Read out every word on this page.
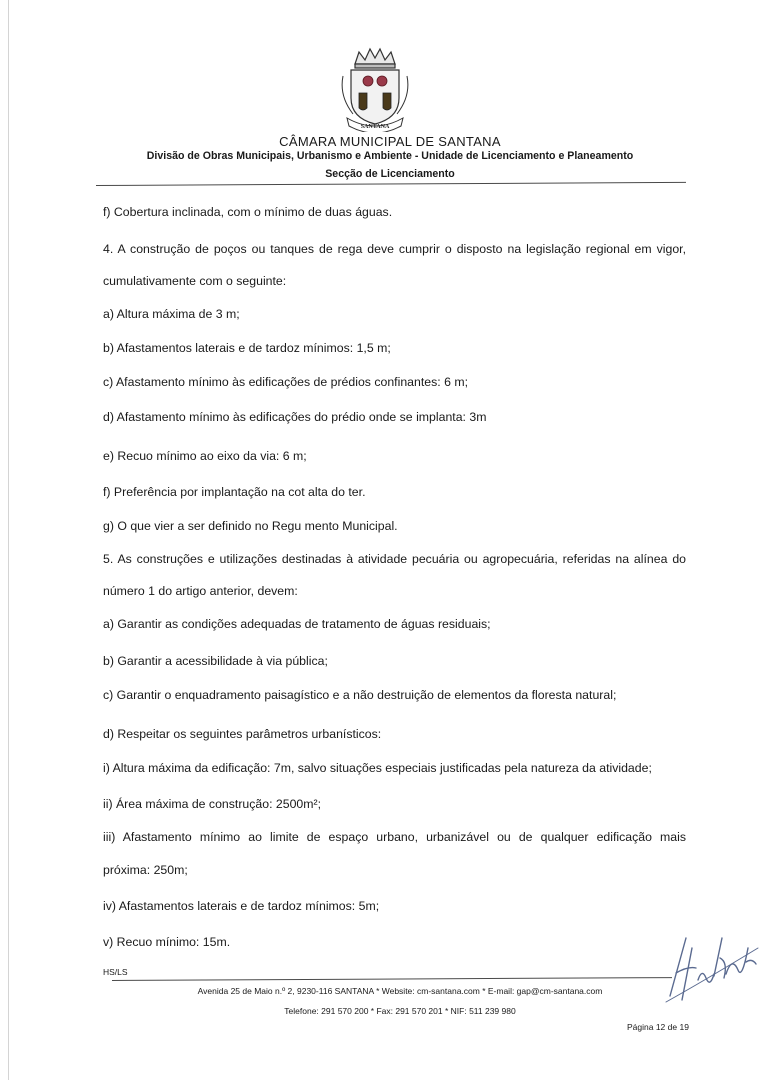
SANTANA
CÂMARA MUNICIPAL DE SANTANA
Divisão de Obras Municipais, Urbanismo e Ambiente - Unidade de Licenciamento e Planeamento
Secção de Licenciamento
f) Cobertura inclinada, com o mínimo de duas águas.
4. A construção de poços ou tanques de rega deve cumprir o disposto na legislação regional em vigor,
cumulativamente com o seguinte:
a) Altura máxima de 3 m;
b) Afastamentos laterais e de tardoz mínimos: 1,5 m;
c) Afastamento mínimo às edificações de prédios confinantes: 6 m;
d) Afastamento mínimo às edificações do prédio onde se implanta: 3m
e) Recuo mínimo ao eixo da via: 6 m;
f) Preferência por implantação na cot alta do ter.
g) O que vier a ser definido no Regu mento Municipal.
5. As construções e utilizações destinadas à atividade pecuária ou agropecuária, referidas na alínea do
número 1 do artigo anterior, devem:
a) Garantir as condições adequadas de tratamento de águas residuais;
b) Garantir a acessibilidade à via pública;
c) Garantir o enquadramento paisagístico e a não destruição de elementos da floresta natural;
d) Respeitar os seguintes parâmetros urbanísticos:
i) Altura máxima da edificação: 7m, salvo situações especiais justificadas pela natureza da atividade;
ii) Área máxima de construção: 2500m²;
iii) Afastamento mínimo ao limite de espaço urbano, urbanizável ou de qualquer edificação mais
próxima: 250m;
iv) Afastamentos laterais e de tardoz mínimos: 5m;
v) Recuo mínimo: 15m.
HS/LS
Avenida 25 de Maio n.º 2, 9230-116 SANTANA * Website: cm-santana.com * E-mail: gap@cm-santana.com
Telefone: 291 570 200 * Fax: 291 570 201 * NIF: 511 239 980
Página 12 de 19
